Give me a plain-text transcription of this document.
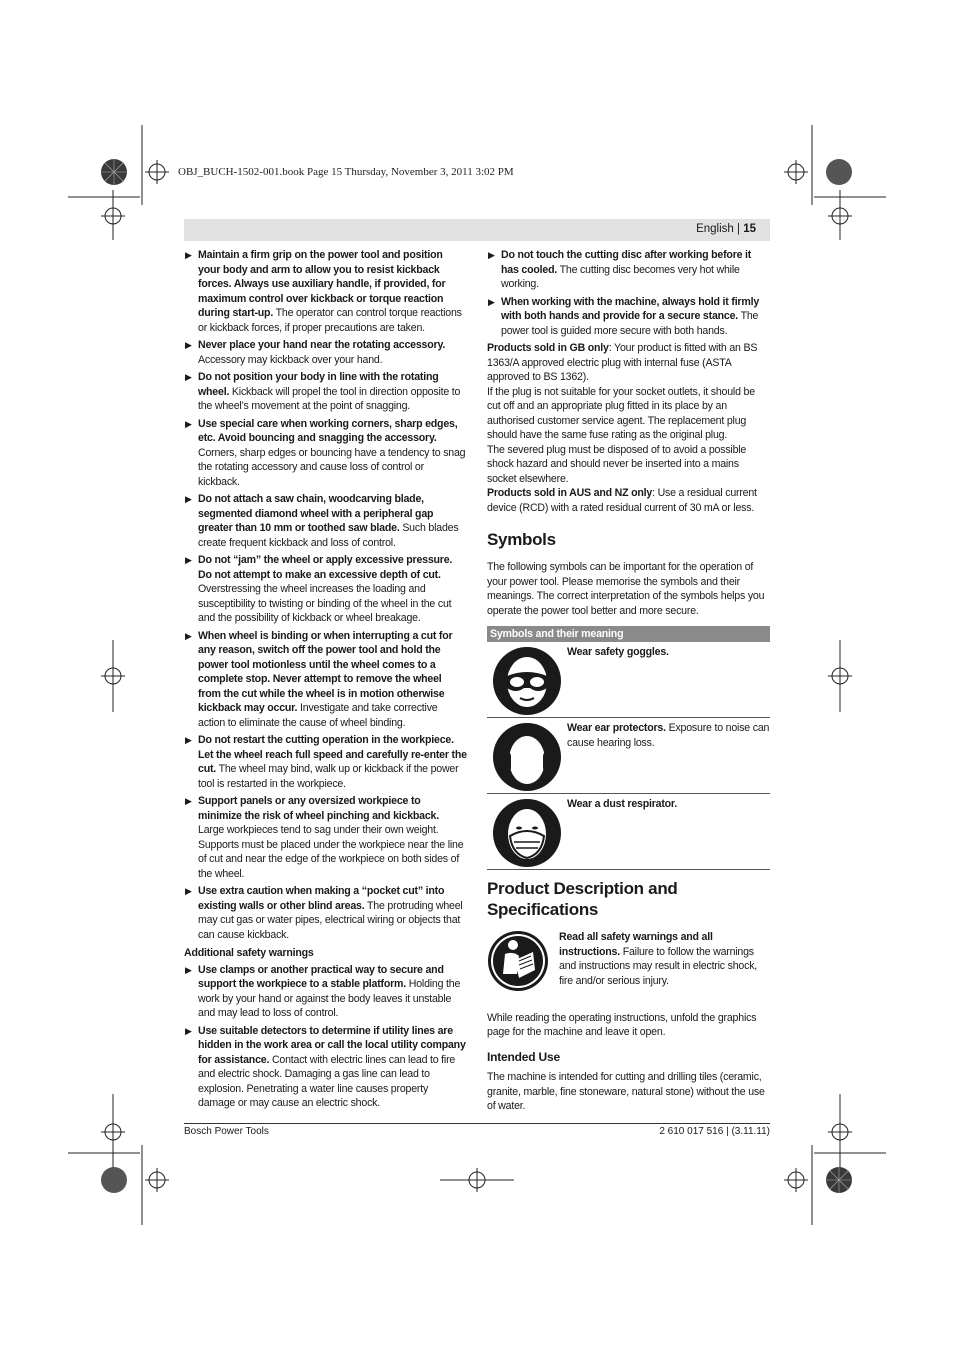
OBJ_BUCH-1502-001.book Page 15 Thursday, November 3, 2011 3:02 PM
English | 15
▶ Maintain a firm grip on the power tool and position your body and arm to allow you to resist kickback forces. Always use auxiliary handle, if provided, for maximum control over kickback or torque reaction during start-up. The operator can control torque reactions or kickback forces, if proper precautions are taken.
▶ Never place your hand near the rotating accessory. Accessory may kickback over your hand.
▶ Do not position your body in line with the rotating wheel. Kickback will propel the tool in direction opposite to the wheel’s movement at the point of snagging.
▶ Use special care when working corners, sharp edges, etc. Avoid bouncing and snagging the accessory. Corners, sharp edges or bouncing have a tendency to snag the rotating accessory and cause loss of control or kickback.
▶ Do not attach a saw chain, woodcarving blade, segmented diamond wheel with a peripheral gap greater than 10 mm or toothed saw blade. Such blades create frequent kickback and loss of control.
▶ Do not “jam” the wheel or apply excessive pressure. Do not attempt to make an excessive depth of cut. Overstressing the wheel increases the loading and susceptibility to twisting or binding of the wheel in the cut and the possibility of kickback or wheel breakage.
▶ When wheel is binding or when interrupting a cut for any reason, switch off the power tool and hold the power tool motionless until the wheel comes to a complete stop. Never attempt to remove the wheel from the cut while the wheel is in motion otherwise kickback may occur. Investigate and take corrective action to eliminate the cause of wheel binding.
▶ Do not restart the cutting operation in the workpiece. Let the wheel reach full speed and carefully re-enter the cut. The wheel may bind, walk up or kickback if the power tool is restarted in the workpiece.
▶ Support panels or any oversized workpiece to minimize the risk of wheel pinching and kickback. Large workpieces tend to sag under their own weight. Supports must be placed under the workpiece near the line of cut and near the edge of the workpiece on both sides of the wheel.
▶ Use extra caution when making a “pocket cut” into existing walls or other blind areas. The protruding wheel may cut gas or water pipes, electrical wiring or objects that can cause kickback.
Additional safety warnings
▶ Use clamps or another practical way to secure and support the workpiece to a stable platform. Holding the work by your hand or against the body leaves it unstable and may lead to loss of control.
▶ Use suitable detectors to determine if utility lines are hidden in the work area or call the local utility company for assistance. Contact with electric lines can lead to fire and electric shock. Damaging a gas line can lead to explosion. Penetrating a water line causes property damage or may cause an electric shock.
▶ Do not touch the cutting disc after working before it has cooled. The cutting disc becomes very hot while working.
▶ When working with the machine, always hold it firmly with both hands and provide for a secure stance. The power tool is guided more secure with both hands.
Products sold in GB only: Your product is fitted with an BS 1363/A approved electric plug with internal fuse (ASTA approved to BS 1362).
If the plug is not suitable for your socket outlets, it should be cut off and an appropriate plug fitted in its place by an authorised customer service agent. The replacement plug should have the same fuse rating as the original plug.
The severed plug must be disposed of to avoid a possible shock hazard and should never be inserted into a mains socket elsewhere.
Products sold in AUS and NZ only: Use a residual current device (RCD) with a rated residual current of 30 mA or less.
Symbols
The following symbols can be important for the operation of your power tool. Please memorise the symbols and their meanings. The correct interpretation of the symbols helps you operate the power tool better and more secure.
Symbols and their meaning
Wear safety goggles.
Wear ear protectors. Exposure to noise can cause hearing loss.
Wear a dust respirator.
Product Description and Specifications
Read all safety warnings and all instructions. Failure to follow the warnings and instructions may result in electric shock, fire and/or serious injury.
While reading the operating instructions, unfold the graphics page for the machine and leave it open.
Intended Use
The machine is intended for cutting and drilling tiles (ceramic, granite, marble, fine stoneware, natural stone) without the use of water.
Bosch Power Tools	2 610 017 516 | (3.11.11)
